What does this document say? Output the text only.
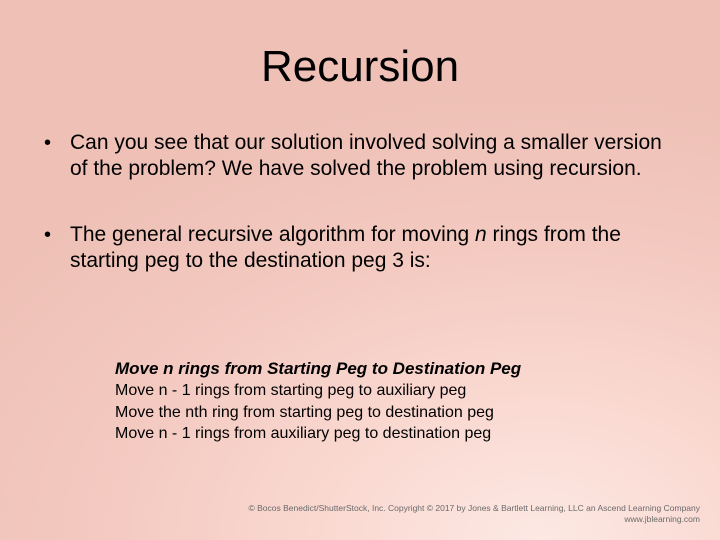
Recursion
• Can you see that our solution involved solving a smaller version of the problem? We have solved the problem using recursion.
• The general recursive algorithm for moving n rings from the starting peg to the destination peg 3 is:
Move n rings from Starting Peg to Destination Peg
Move n - 1 rings from starting peg to auxiliary peg
Move the nth ring from starting peg to destination peg
Move n - 1 rings from auxiliary peg to destination peg
© Bocos Benedict/ShutterStock, Inc. Copyright © 2017 by Jones & Bartlett Learning, LLC an Ascend Learning Company
www.jblearning.com
